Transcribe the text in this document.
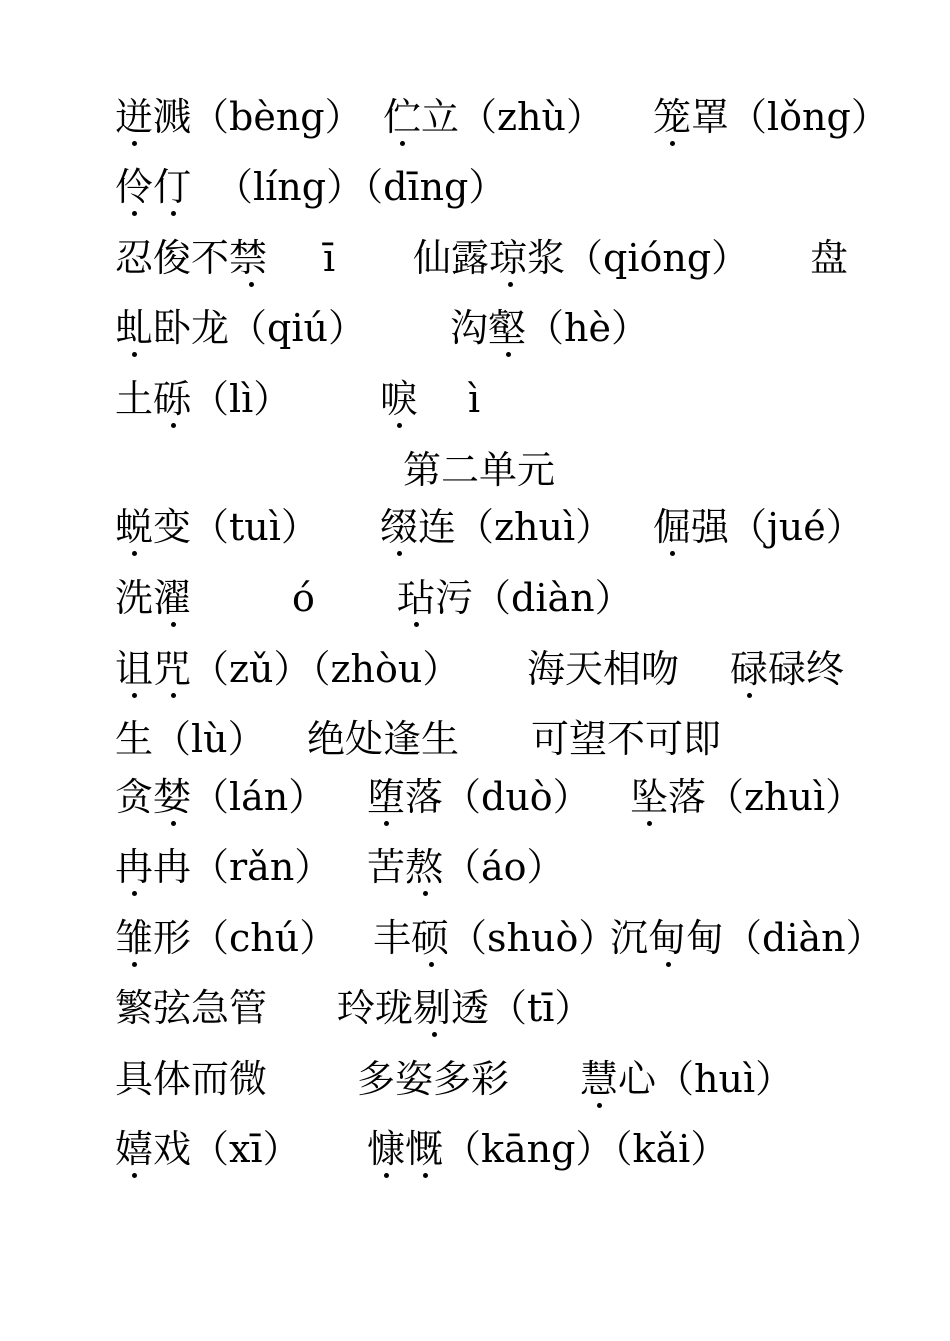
迸溅（bèng） 伫立（zhù） 笼罩（lǒng）
伶仃 （líng）（dīng）
忍俊不禁 ī 仙露琼浆（qióng） 盘
虬卧龙（qiú） 沟壑（hè）
土砾（lì） 唳 ì
第二单元
蜕变（tuì） 缀连（zhuì） 倔强（jué）
洗濯	ó 玷污（diàn）
诅咒（zǔ）（zhòu） 海天相吻 碌碌终
生（lù） 绝处逢生 可望不可即
贪婪（lán） 堕落（duò） 坠落（zhuì）
冉冉（rǎn） 苦熬（áo）
雏形（chú） 丰硕（shuò）
沉甸甸（diàn）
繁弦急管 玲珑剔透（tī）
具体而微 多姿多彩 慧心（huì）
嬉戏（xī） 慷慨（kāng）（kǎi）
